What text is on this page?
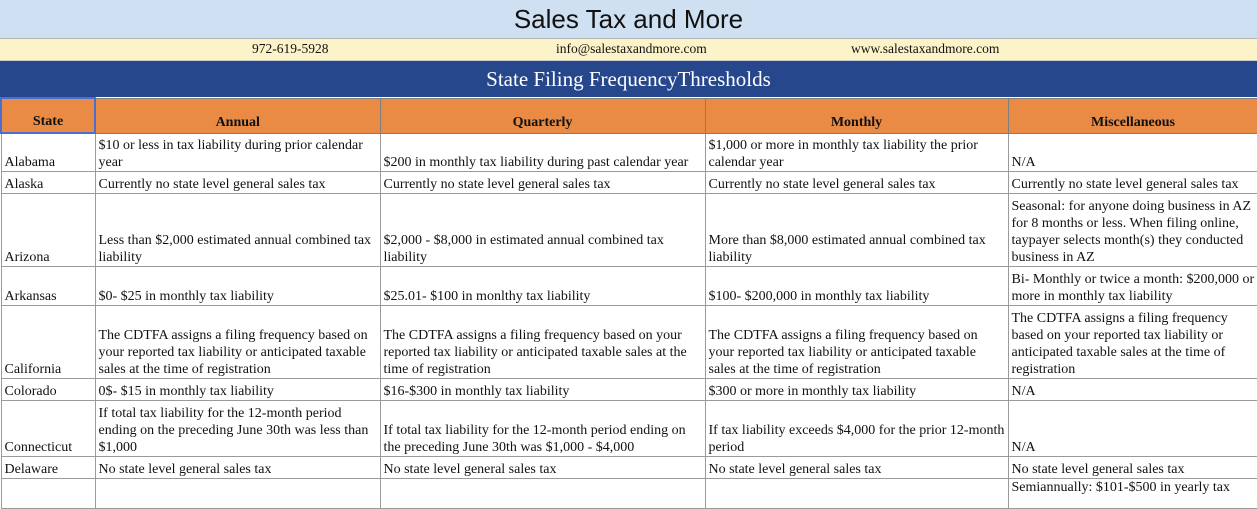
Sales Tax and More
972-619-5928	info@salestaxandmore.com	www.salestaxandmore.com
State Filing FrequencyThresholds
State	Annual	Quarterly	Monthly	Miscellaneous
Alabama	$10 or less in tax liability during prior calendar year	$200 in monthly tax liability during past calendar year	$1,000 or more in monthly tax liability the prior calendar year	N/A
Alaska	Currently no state level general sales tax	Currently no state level general sales tax	Currently no state level general sales tax	Currently no state level general sales tax
Arizona	Less than $2,000 estimated annual combined tax liability	$2,000 - $8,000 in estimated annual combined tax liability	More than $8,000 estimated annual combined tax liability	Seasonal: for anyone doing business in AZ for 8 months or less. When filing online, taypayer selects month(s) they conducted business in AZ
Arkansas	$0- $25 in monthly tax liability	$25.01- $100 in monlthy tax liability	$100- $200,000 in monthly tax liability	Bi- Monthly or twice a month: $200,000 or more in monthly tax liability
California	The CDTFA assigns a filing frequency based on your reported tax liability or anticipated taxable sales at the time of registration	The CDTFA assigns a filing frequency based on your reported tax liability or anticipated taxable sales at the time of registration	The CDTFA assigns a filing frequency based on your reported tax liability or anticipated taxable sales at the time of registration	The CDTFA assigns a filing frequency based on your reported tax liability or anticipated taxable sales at the time of registration
Colorado	0$- $15 in monthly tax liability	$16-$300 in monthly tax liability	$300 or more in monthly tax liability	N/A
Connecticut	If total tax liability for the 12-month period ending on the preceding June 30th was less than $1,000	If total tax liability for the 12-month period ending on the preceding June 30th was $1,000 - $4,000	If tax liability exceeds $4,000 for the prior 12-month period	N/A
Delaware	No state level general sales tax	No state level general sales tax	No state level general sales tax	No state level general sales tax
				Semiannually: $101-$500 in yearly tax
